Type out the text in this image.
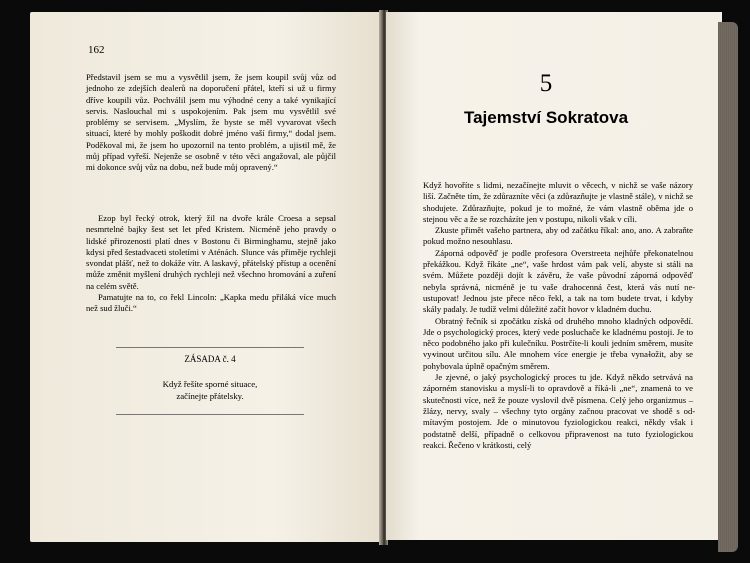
162

Představil jsem se mu a vysvětlil jsem, že jsem koupil svůj vůz od jednoho ze zdejších dealerů na doporučení přátel, kteří si už u firmy dříve koupili vůz. Pochválil jsem mu výhodné ceny a také vynikající servis. Naslouchal mi s uspokojením. Pak jsem mu vysvětlil své problémy se servi-sem. „Myslím, že byste se měl vyvarovat všech situací, které by mohly poškodit dobré jméno vaší firmy,“ dodal jsem. Poděkoval mi, že jsem ho upozornil na tento problém, a ujis-til mě, že můj případ vyřeší. Nejenže se osobně v této věci angažoval, ale půjčil mi dokonce svůj vůz na dobu, než bude můj opravený.“

Ezop byl řecký otrok, který žil na dvoře krále Croesa a sepsal nesmrtelné bajky šest set let před Kristem. Nicméně jeho pravdy o lidské přirozenosti platí dnes v Bostonu či Birminghamu, stejně jako kdysi před šestadvaceti stoletími v Aténách. Slunce vás přiměje rychleji svondat plášť, než to dokáže vítr. A laskavý, přátelský přístup a ocenění může změnit myšlení druhých rychleji než všechno hromování a zuření na celém světě.

Pamatujte na to, co řekl Lincoln: „Kapka medu přiláká více much než sud žluči.“

ZÁSADA č. 4
Když řešíte sporné situace,
začínejte přátelsky.
5
Tajemství Sokratova

Když hovoříte s lidmi, nezačínejte mluvit o věcech, v nichž se vaše názory liší. Začněte tím, že zdůrazníte věci (a zdů-razňujte je vlastně stále), v nichž se shodujete. Zdůrazňujte, pokud je to možné, že vám vlastně oběma jde o stejnou věc a že se rozcházíte jen v postupu, nikoli však v cíli.

Zkuste přimět vašeho partnera, aby od začátku říkal: ano, ano. A zabraňte pokud možno nesouhlasu.

Záporná odpověď je podle profesora Overstreeta nejhůře překonatelnou překážkou. Když říkáte „ne“, vaše hrdost vám pak velí, abyste si stáli na svém. Můžete později dojít k závěru, že vaše původní záporná odpověď nebyla správ-ná, nicméně je tu vaše drahocenná čest, která vás nutí ne-ustupovat! Jednou jste přece něco řekl, a tak na tom budete trvat, i kdyby skály padaly. Je tudíž velmi důležité začít hovor v kladném duchu.

Obratný řečník si zpočátku získá od druhého mnoho kladných odpovědí. Jde o psychologický proces, který vede posluchače ke kladnému postoji. Je to něco podobného jako při kulečníku. Postrčíte-li kouli jedním směrem, musíte vy-vinout určitou sílu. Ale mnohem více energie je třeba vyna-ložit, aby se pohybovala úplně opačným směrem.

Je zjevné, o jaký psychologický proces tu jde. Když někdo setrvává na záporném stanovisku a myslí-li to opravdově a říká-li „ne“, znamená to ve skutečnosti více, než že pouze vyslovil dvě písmena. Celý jeho organizmus – žlázy, nervy, svaly – všechny tyto orgány začnou pracovat ve shodě s od-mítavým postojem. Jde o minutovou fyziologickou reakci, někdy však i podstatně delší, případně o celkovou připra-venost na tuto fyziologickou reakci. Řečeno v krátkosti, celý
